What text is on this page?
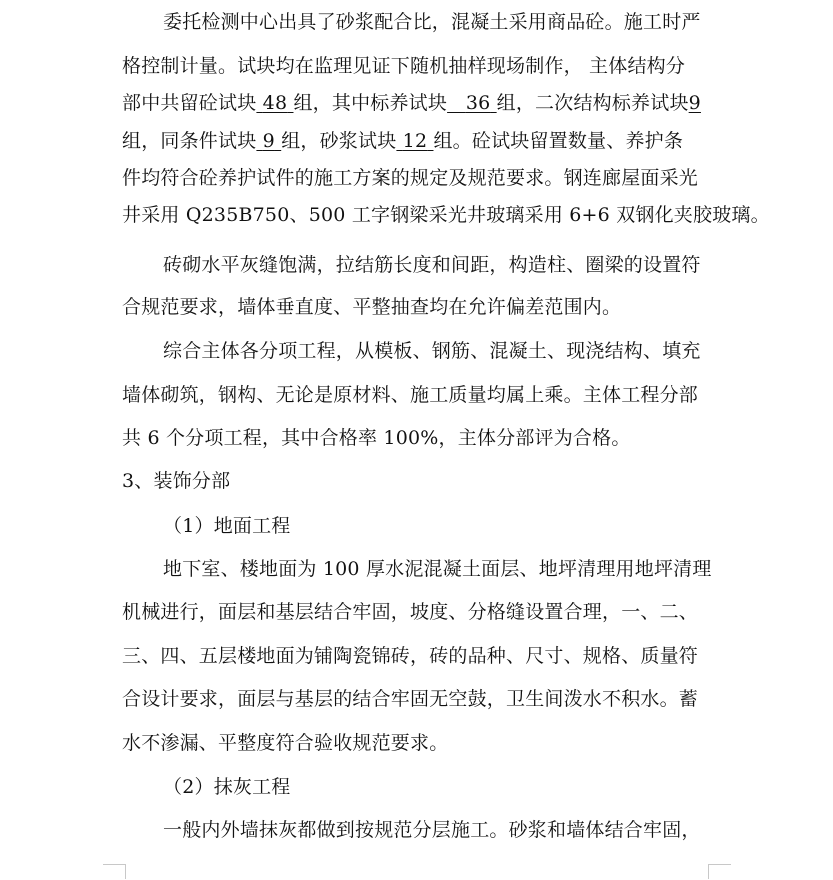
委托检测中心出具了砂浆配合比，混凝土采用商品砼。施工时严
格控制计量。试块均在监理见证下随机抽样现场制作， 主体结构分
部中共留砼试块 48 组，其中标养试块 36 组，二次结构标养试块9
组，同条件试块 9 组，砂浆试块 12 组。砼试块留置数量、养护条
件均符合砼养护试件的施工方案的规定及规范要求。钢连廊屋面采光
井采用 Q235B750、500 工字钢梁采光井玻璃采用 6+6 双钢化夹胶玻璃。
砖砌水平灰缝饱满，拉结筋长度和间距，构造柱、圈梁的设置符
合规范要求，墙体垂直度、平整抽查均在允许偏差范围内。
综合主体各分项工程，从模板、钢筋、混凝土、现浇结构、填充
墙体砌筑，钢构、无论是原材料、施工质量均属上乘。主体工程分部
共 6 个分项工程，其中合格率 100%，主体分部评为合格。
3、装饰分部
（1）地面工程
地下室、楼地面为 100 厚水泥混凝土面层、地坪清理用地坪清理
机械进行，面层和基层结合牢固，坡度、分格缝设置合理，一、二、
三、四、五层楼地面为铺陶瓷锦砖，砖的品种、尺寸、规格、质量符
合设计要求，面层与基层的结合牢固无空鼓，卫生间泼水不积水。蓄
水不渗漏、平整度符合验收规范要求。
（2）抹灰工程
一般内外墙抹灰都做到按规范分层施工。砂浆和墙体结合牢固，
